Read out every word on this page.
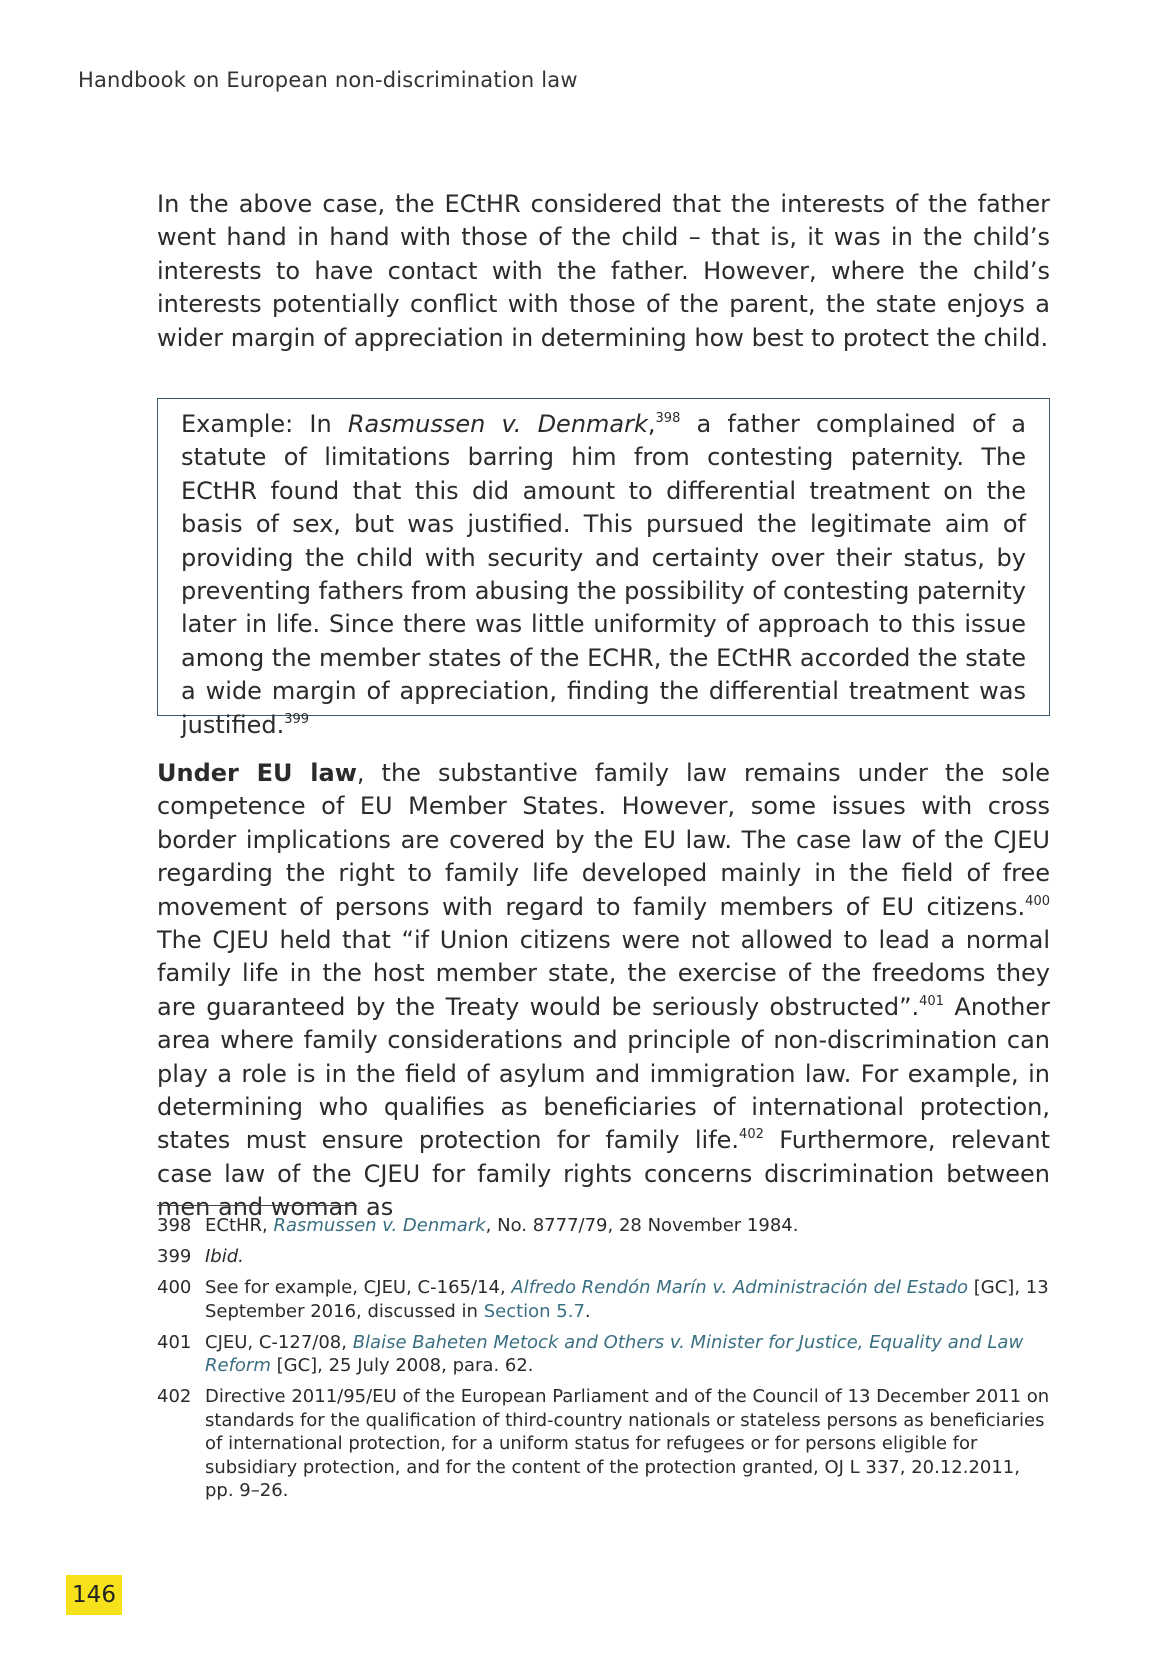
Handbook on European non-discrimination law

In the above case, the ECtHR considered that the interests of the father went hand in hand with those of the child – that is, it was in the child’s interests to have contact with the father. However, where the child’s interests potentially conflict with those of the parent, the state enjoys a wider margin of appreciation in determining how best to protect the child.

Example: In Rasmussen v. Denmark,$^{398}$ a father complained of a statute of limitations barring him from contesting paternity. The ECtHR found that this did amount to differential treatment on the basis of sex, but was justified. This pursued the legitimate aim of providing the child with security and certainty over their status, by preventing fathers from abusing the possibility of contesting paternity later in life. Since there was little uniformity of approach to this issue among the member states of the ECHR, the ECtHR accorded the state a wide margin of appreciation, finding the differential treatment was justified.$^{399}$

Under EU law, the substantive family law remains under the sole competence of EU Member States. However, some issues with cross border implications are covered by the EU law. The case law of the CJEU regarding the right to family life developed mainly in the field of free movement of persons with regard to family members of EU citizens.$^{400}$ The CJEU held that “if Union citizens were not allowed to lead a normal family life in the host member state, the exercise of the freedoms they are guaranteed by the Treaty would be seriously obstructed”.$^{401}$ Another area where family considerations and principle of non-discrimination can play a role is in the field of asylum and immigration law. For example, in determining who qualifies as beneficiaries of international protection, states must ensure protection for family life.$^{402}$ Furthermore, relevant case law of the CJEU for family rights concerns discrimination between men and woman as

398 ECtHR, Rasmussen v. Denmark, No. 8777/79, 28 November 1984.
399 Ibid.
400 See for example, CJEU, C-165/14, Alfredo Rendón Marín v. Administración del Estado [GC], 13 September 2016, discussed in Section 5.7.
401 CJEU, C-127/08, Blaise Baheten Metock and Others v. Minister for Justice, Equality and Law Reform [GC], 25 July 2008, para. 62.
402 Directive 2011/95/EU of the European Parliament and of the Council of 13 December 2011 on standards for the qualification of third-country nationals or stateless persons as beneficiaries of international protection, for a uniform status for refugees or for persons eligible for subsidiary protection, and for the content of the protection granted, OJ L 337, 20.12.2011, pp. 9–26.
146
